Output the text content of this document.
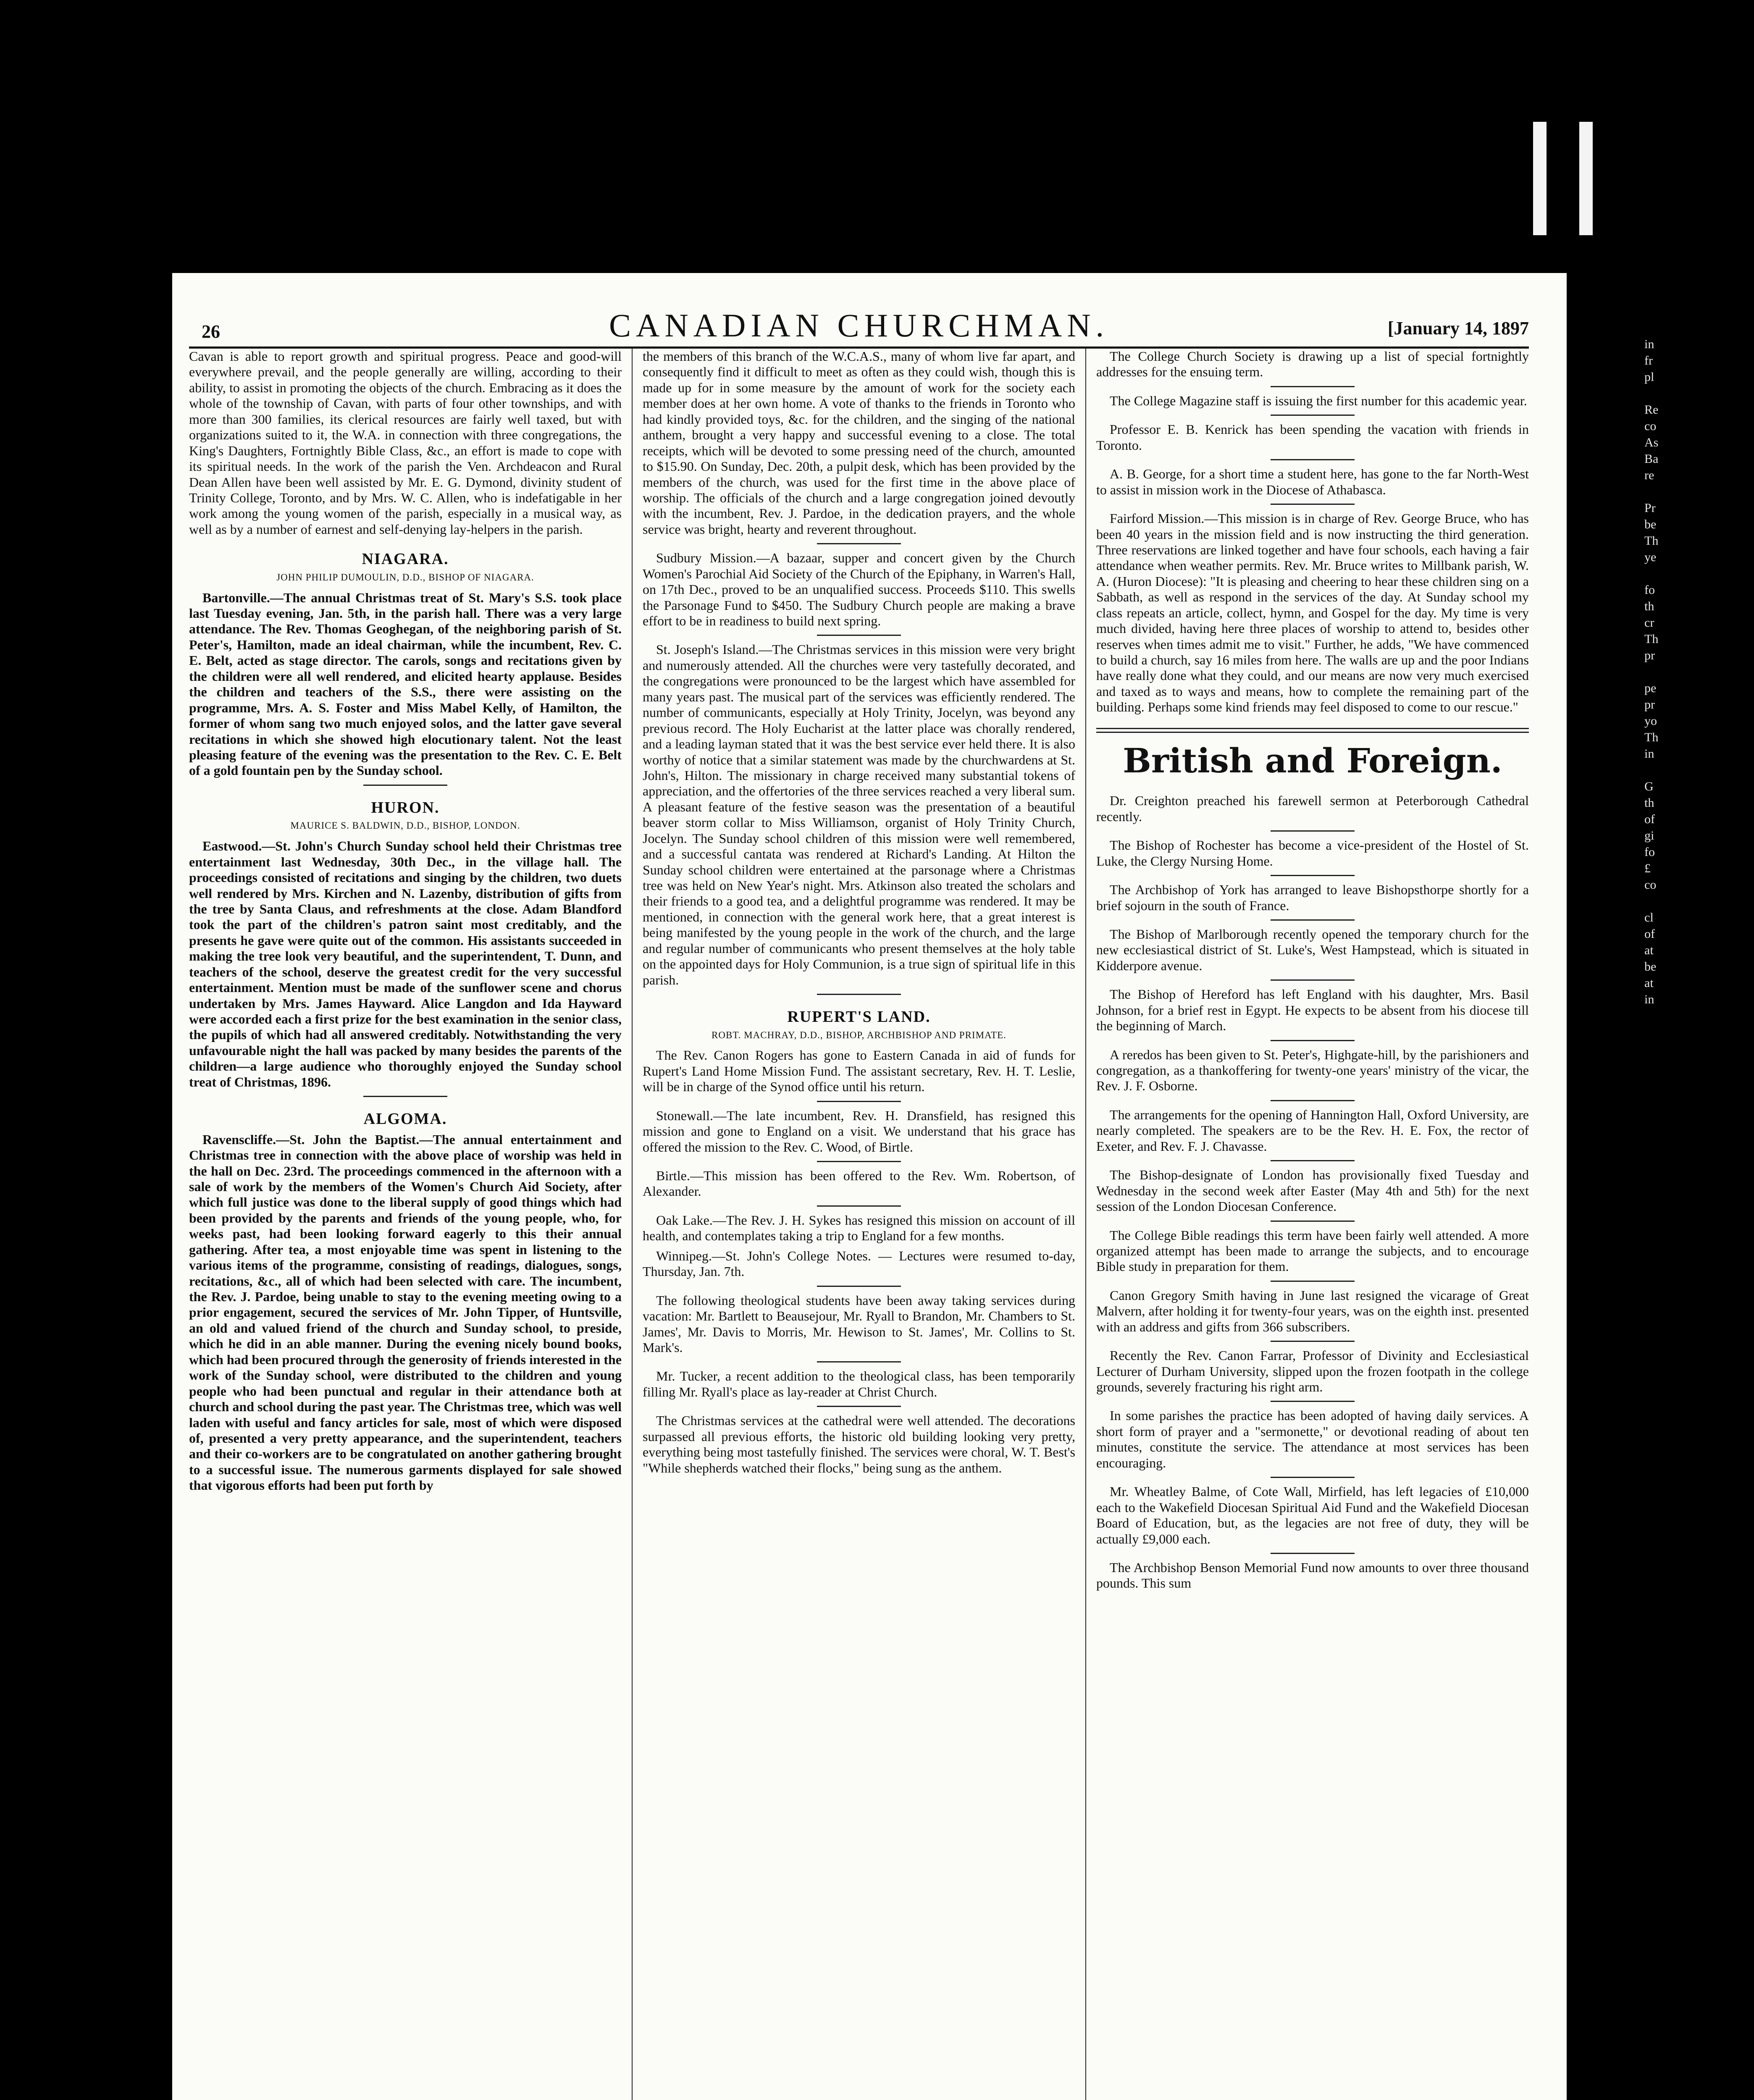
in
fr
pl

Re
co
As
Ba
re

Pr
be
Th
ye

fo
th
cr
Th
pr

pe
pr
yo
Th
in

G
th
of
gi
fo
£
co

cl
of
at
be
at
in
26	CANADIAN CHURCHMAN.	[January 14, 1897

Cavan is able to report growth and spiritual progress. Peace and good-will everywhere prevail, and the people generally are willing, according to their ability, to assist in promoting the objects of the church. Embracing as it does the whole of the township of Cavan, with parts of four other townships, and with more than 300 families, its clerical resources are fairly well taxed, but with organizations suited to it, the W.A. in connection with three congregations, the King's Daughters, Fortnightly Bible Class, &c., an effort is made to cope with its spiritual needs. In the work of the parish the Ven. Archdeacon and Rural Dean Allen have been well assisted by Mr. E. G. Dymond, divinity student of Trinity College, Toronto, and by Mrs. W. C. Allen, who is indefatigable in her work among the young women of the parish, especially in a musical way, as well as by a number of earnest and self-denying lay-helpers in the parish.

NIAGARA.
JOHN PHILIP DUMOULIN, D.D., BISHOP OF NIAGARA.

Bartonville.—The annual Christmas treat of St. Mary's S.S. took place last Tuesday evening, Jan. 5th, in the parish hall. There was a very large attendance. The Rev. Thomas Geoghegan, of the neighboring parish of St. Peter's, Hamilton, made an ideal chairman, while the incumbent, Rev. C. E. Belt, acted as stage director. The carols, songs and recitations given by the children were all well rendered, and elicited hearty applause. Besides the children and teachers of the S.S., there were assisting on the programme, Mrs. A. S. Foster and Miss Mabel Kelly, of Hamilton, the former of whom sang two much enjoyed solos, and the latter gave several recitations in which she showed high elocutionary talent. Not the least pleasing feature of the evening was the presentation to the Rev. C. E. Belt of a gold fountain pen by the Sunday school.

HURON.
MAURICE S. BALDWIN, D.D., BISHOP, LONDON.

Eastwood.—St. John's Church Sunday school held their Christmas tree entertainment last Wednesday, 30th Dec., in the village hall. The proceedings consisted of recitations and singing by the children, two duets well rendered by Mrs. Kirchen and N. Lazenby, distribution of gifts from the tree by Santa Claus, and refreshments at the close. Adam Blandford took the part of the children's patron saint most creditably, and the presents he gave were quite out of the common. His assistants succeeded in making the tree look very beautiful, and the superintendent, T. Dunn, and teachers of the school, deserve the greatest credit for the very successful entertainment. Mention must be made of the sunflower scene and chorus undertaken by Mrs. James Hayward. Alice Langdon and Ida Hayward were accorded each a first prize for the best examination in the senior class, the pupils of which had all answered creditably. Notwithstanding the very unfavourable night the hall was packed by many besides the parents of the children—a large audience who thoroughly enjoyed the Sunday school treat of Christmas, 1896.

ALGOMA.

Ravenscliffe.—St. John the Baptist.—The annual entertainment and Christmas tree in connection with the above place of worship was held in the hall on Dec. 23rd. The proceedings commenced in the afternoon with a sale of work by the members of the Women's Church Aid Society, after which full justice was done to the liberal supply of good things which had been provided by the parents and friends of the young people, who, for weeks past, had been looking forward eagerly to this their annual gathering. After tea, a most enjoyable time was spent in listening to the various items of the programme, consisting of readings, dialogues, songs, recitations, &c., all of which had been selected with care. The incumbent, the Rev. J. Pardoe, being unable to stay to the evening meeting owing to a prior engagement, secured the services of Mr. John Tipper, of Huntsville, an old and valued friend of the church and Sunday school, to preside, which he did in an able manner. During the evening nicely bound books, which had been procured through the generosity of friends interested in the work of the Sunday school, were distributed to the children and young people who had been punctual and regular in their attendance both at church and school during the past year. The Christmas tree, which was well laden with useful and fancy articles for sale, most of which were disposed of, presented a very pretty appearance, and the superintendent, teachers and their co-workers are to be congratulated on another gathering brought to a successful issue. The numerous garments displayed for sale showed that vigorous efforts had been put forth by

the members of this branch of the W.C.A.S., many of whom live far apart, and consequently find it difficult to meet as often as they could wish, though this is made up for in some measure by the amount of work for the society each member does at her own home. A vote of thanks to the friends in Toronto who had kindly provided toys, &c. for the children, and the singing of the national anthem, brought a very happy and successful evening to a close. The total receipts, which will be devoted to some pressing need of the church, amounted to $15.90. On Sunday, Dec. 20th, a pulpit desk, which has been provided by the members of the church, was used for the first time in the above place of worship. The officials of the church and a large congregation joined devoutly with the incumbent, Rev. J. Pardoe, in the dedication prayers, and the whole service was bright, hearty and reverent throughout.

Sudbury Mission.—A bazaar, supper and concert given by the Church Women's Parochial Aid Society of the Church of the Epiphany, in Warren's Hall, on 17th Dec., proved to be an unqualified success. Proceeds $110. This swells the Parsonage Fund to $450. The Sudbury Church people are making a brave effort to be in readiness to build next spring.

St. Joseph's Island.—The Christmas services in this mission were very bright and numerously attended. All the churches were very tastefully decorated, and the congregations were pronounced to be the largest which have assembled for many years past. The musical part of the services was efficiently rendered. The number of communicants, especially at Holy Trinity, Jocelyn, was beyond any previous record. The Holy Eucharist at the latter place was chorally rendered, and a leading layman stated that it was the best service ever held there. It is also worthy of notice that a similar statement was made by the churchwardens at St. John's, Hilton. The missionary in charge received many substantial tokens of appreciation, and the offertories of the three services reached a very liberal sum. A pleasant feature of the festive season was the presentation of a beautiful beaver storm collar to Miss Williamson, organist of Holy Trinity Church, Jocelyn. The Sunday school children of this mission were well remembered, and a successful cantata was rendered at Richard's Landing. At Hilton the Sunday school children were entertained at the parsonage where a Christmas tree was held on New Year's night. Mrs. Atkinson also treated the scholars and their friends to a good tea, and a delightful programme was rendered. It may be mentioned, in connection with the general work here, that a great interest is being manifested by the young people in the work of the church, and the large and regular number of communicants who present themselves at the holy table on the appointed days for Holy Communion, is a true sign of spiritual life in this parish.

RUPERT'S LAND.
ROBT. MACHRAY, D.D., BISHOP, ARCHBISHOP AND PRIMATE.

The Rev. Canon Rogers has gone to Eastern Canada in aid of funds for Rupert's Land Home Mission Fund. The assistant secretary, Rev. H. T. Leslie, will be in charge of the Synod office until his return.

Stonewall.—The late incumbent, Rev. H. Dransfield, has resigned this mission and gone to England on a visit. We understand that his grace has offered the mission to the Rev. C. Wood, of Birtle.

Birtle.—This mission has been offered to the Rev. Wm. Robertson, of Alexander.

Oak Lake.—The Rev. J. H. Sykes has resigned this mission on account of ill health, and contemplates taking a trip to England for a few months.

Winnipeg.—St. John's College Notes. — Lectures were resumed to-day, Thursday, Jan. 7th.

The following theological students have been away taking services during vacation: Mr. Bartlett to Beausejour, Mr. Ryall to Brandon, Mr. Chambers to St. James', Mr. Davis to Morris, Mr. Hewison to St. James', Mr. Collins to St. Mark's.

Mr. Tucker, a recent addition to the theological class, has been temporarily filling Mr. Ryall's place as lay-reader at Christ Church.

The Christmas services at the cathedral were well attended. The decorations surpassed all previous efforts, the historic old building looking very pretty, everything being most tastefully finished. The services were choral, W. T. Best's "While shepherds watched their flocks," being sung as the anthem.

The College Church Society is drawing up a list of special fortnightly addresses for the ensuing term.

The College Magazine staff is issuing the first number for this academic year.

Professor E. B. Kenrick has been spending the vacation with friends in Toronto.

A. B. George, for a short time a student here, has gone to the far North-West to assist in mission work in the Diocese of Athabasca.

Fairford Mission.—This mission is in charge of Rev. George Bruce, who has been 40 years in the mission field and is now instructing the third generation. Three reservations are linked together and have four schools, each having a fair attendance when weather permits. Rev. Mr. Bruce writes to Millbank parish, W. A. (Huron Diocese): "It is pleasing and cheering to hear these children sing on a Sabbath, as well as respond in the services of the day. At Sunday school my class repeats an article, collect, hymn, and Gospel for the day. My time is very much divided, having here three places of worship to attend to, besides other reserves when times admit me to visit." Further, he adds, "We have commenced to build a church, say 16 miles from here. The walls are up and the poor Indians have really done what they could, and our means are now very much exercised and taxed as to ways and means, how to complete the remaining part of the building. Perhaps some kind friends may feel disposed to come to our rescue."

British and Foreign.

Dr. Creighton preached his farewell sermon at Peterborough Cathedral recently.

The Bishop of Rochester has become a vice-president of the Hostel of St. Luke, the Clergy Nursing Home.

The Archbishop of York has arranged to leave Bishopsthorpe shortly for a brief sojourn in the south of France.

The Bishop of Marlborough recently opened the temporary church for the new ecclesiastical district of St. Luke's, West Hampstead, which is situated in Kidderpore avenue.

The Bishop of Hereford has left England with his daughter, Mrs. Basil Johnson, for a brief rest in Egypt. He expects to be absent from his diocese till the beginning of March.

A reredos has been given to St. Peter's, Highgate-hill, by the parishioners and congregation, as a thankoffering for twenty-one years' ministry of the vicar, the Rev. J. F. Osborne.

The arrangements for the opening of Hannington Hall, Oxford University, are nearly completed. The speakers are to be the Rev. H. E. Fox, the rector of Exeter, and Rev. F. J. Chavasse.

The Bishop-designate of London has provisionally fixed Tuesday and Wednesday in the second week after Easter (May 4th and 5th) for the next session of the London Diocesan Conference.

The College Bible readings this term have been fairly well attended. A more organized attempt has been made to arrange the subjects, and to encourage Bible study in preparation for them.

Canon Gregory Smith having in June last resigned the vicarage of Great Malvern, after holding it for twenty-four years, was on the eighth inst. presented with an address and gifts from 366 subscribers.

Recently the Rev. Canon Farrar, Professor of Divinity and Ecclesiastical Lecturer of Durham University, slipped upon the frozen footpath in the college grounds, severely fracturing his right arm.

In some parishes the practice has been adopted of having daily services. A short form of prayer and a "sermonette," or devotional reading of about ten minutes, constitute the service. The attendance at most services has been encouraging.

Mr. Wheatley Balme, of Cote Wall, Mirfield, has left legacies of £10,000 each to the Wakefield Diocesan Spiritual Aid Fund and the Wakefield Diocesan Board of Education, but, as the legacies are not free of duty, they will be actually £9,000 each.

The Archbishop Benson Memorial Fund now amounts to over three thousand pounds. This sum
